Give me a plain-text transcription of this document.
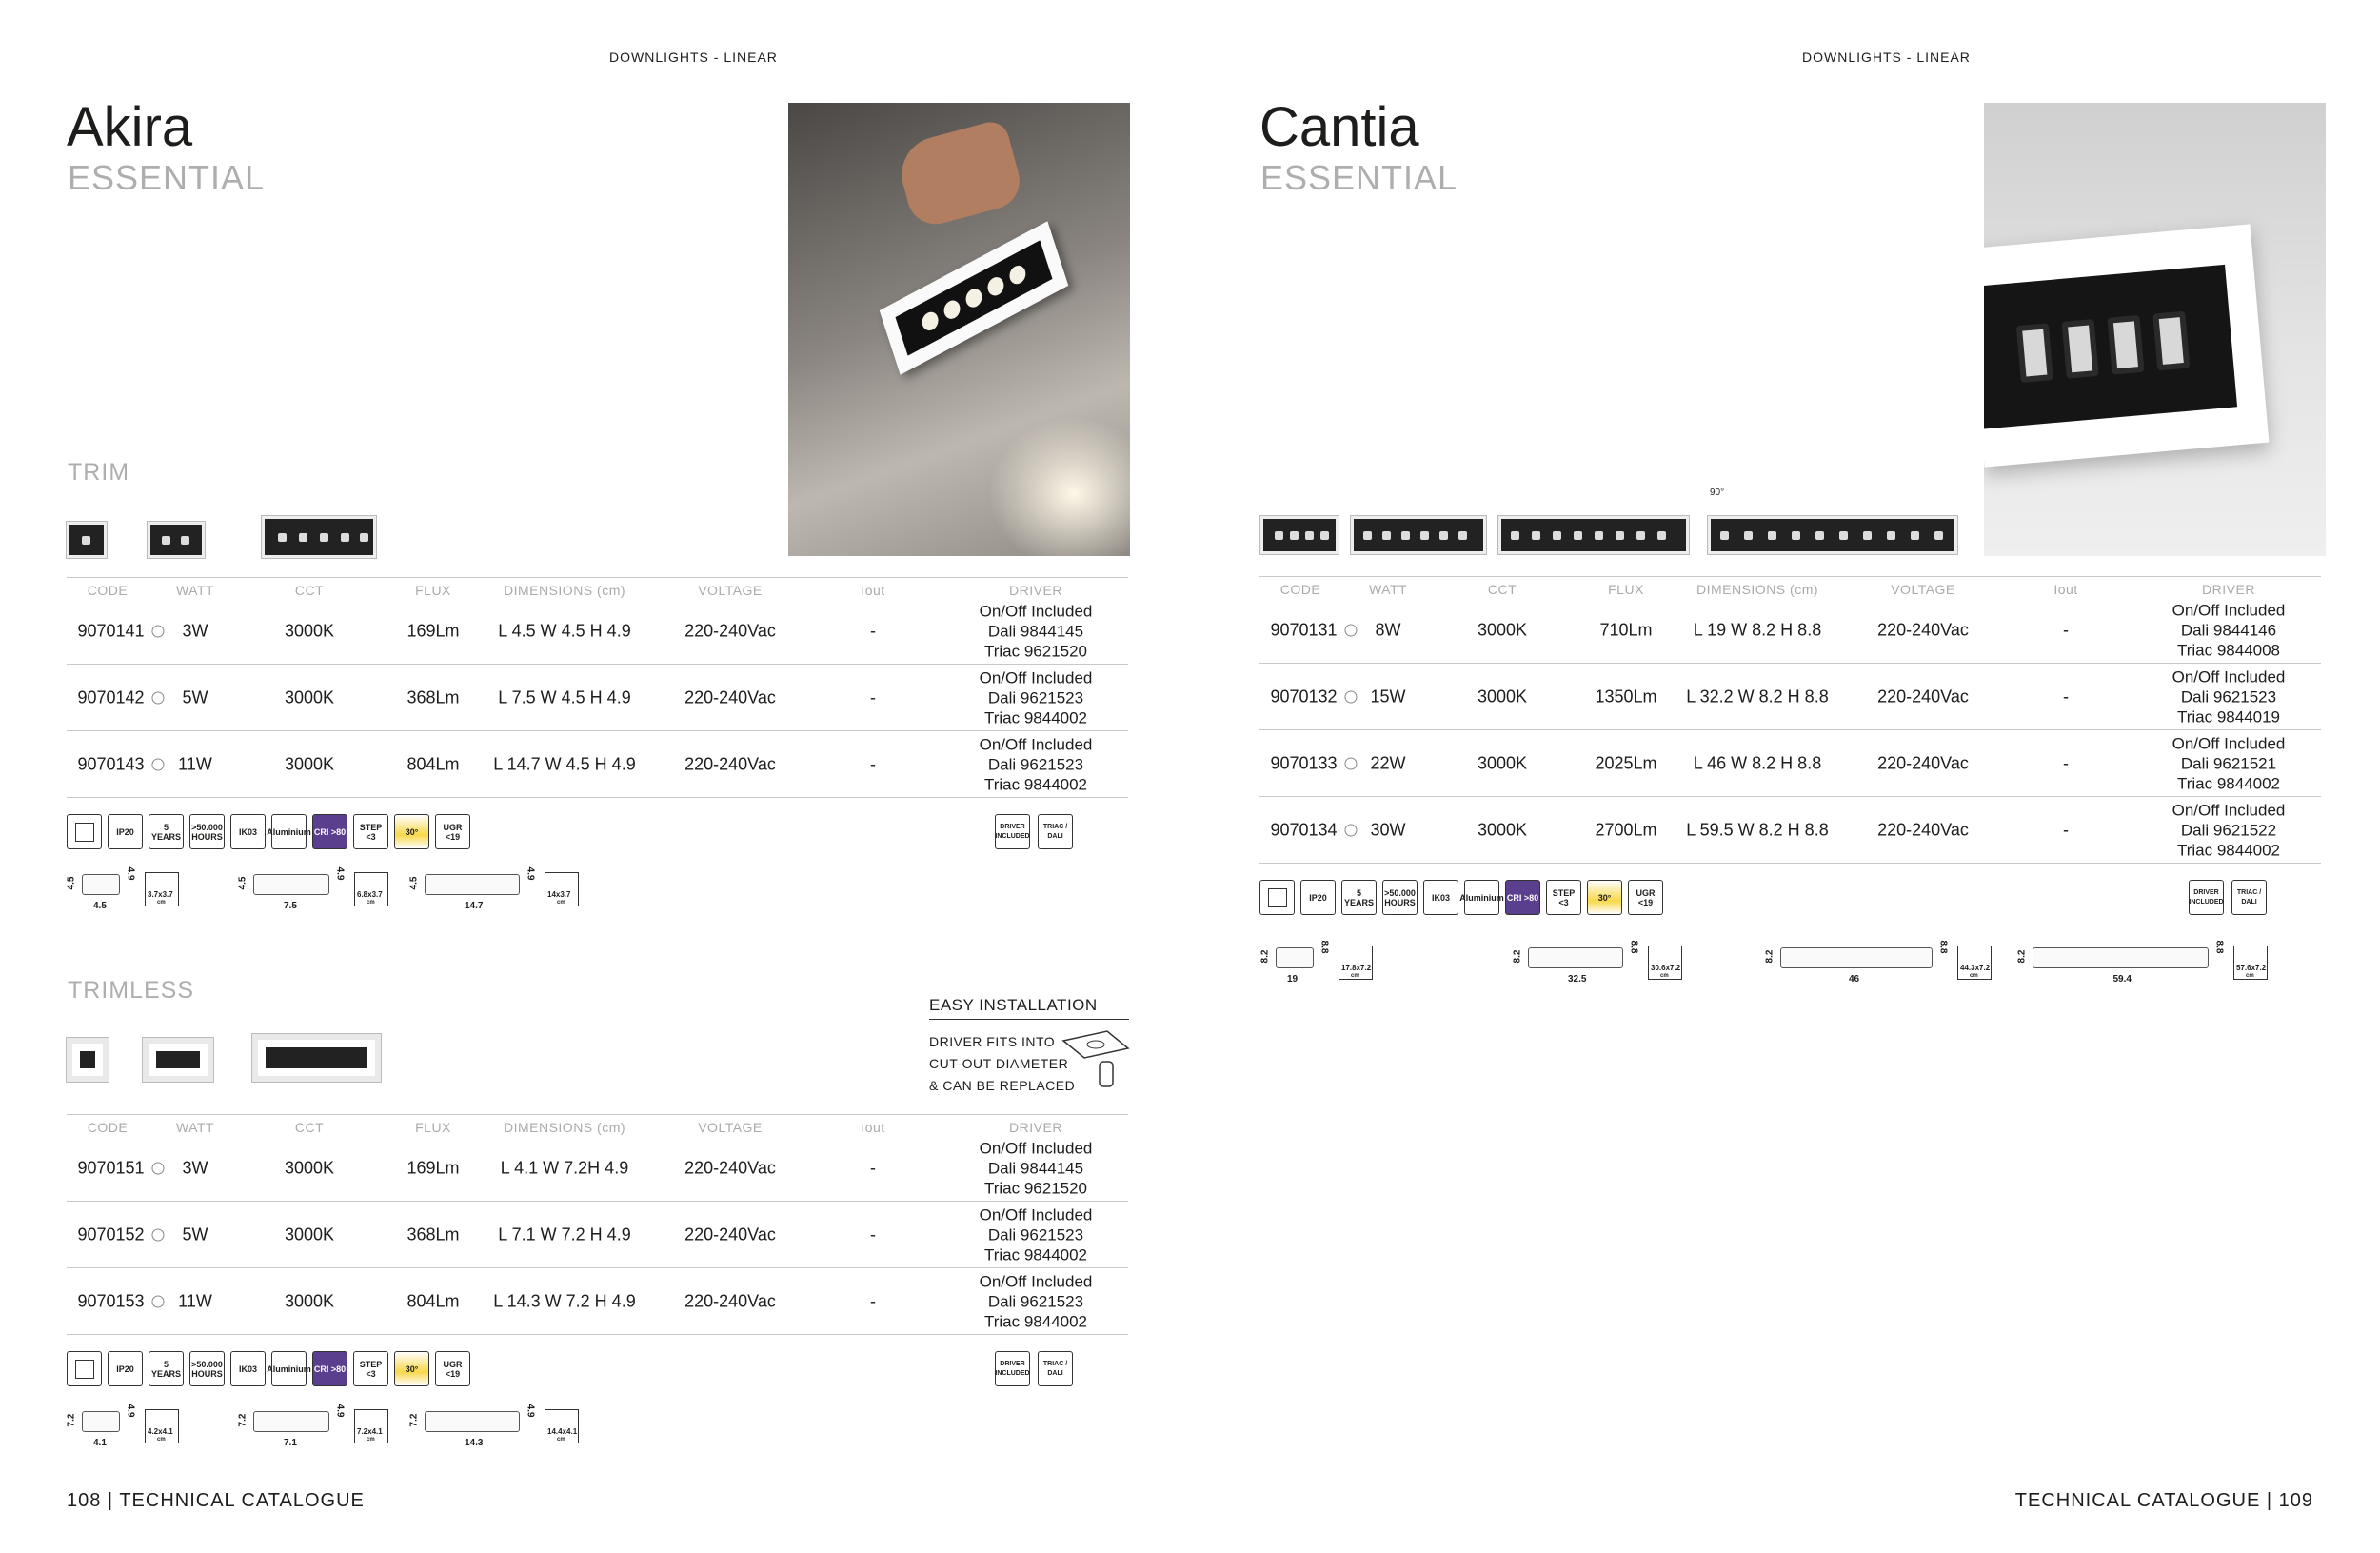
DOWNLIGHTS - LINEAR
Akira
ESSENTIAL
TRIM
CODE	WATT	CCT	FLUX	DIMENSIONS (cm)	VOLTAGE	Iout	DRIVER
9070141	3W	3000K	169Lm L 4.5 W 4.5 H 4.9	220-240Vac	-
On/Off Included
Dali 9844145
Triac 9621520
9070142	5W	3000K	368Lm L 7.5 W 4.5 H 4.9	220-240Vac	-
On/Off Included
Dali 9621523
Triac 9844002
9070143	11W	3000K	804Lm L 14.7 W 4.5 H 4.9	220-240Vac	-
On/Off Included
Dali 9621523
Triac 9844002
IP20	5 YEARS
>50.000 HOURS IK03 Aluminium CRI >80	STEP <3	30°	UGR <19
DRIVER INCLUDED
TRIAC / DALI
4.5
4.5
4.9
3.7x3.7
cm
4.5
7.5
4.9
6.8x3.7
cm
4.5
14.7
4.9
14x3.7
cm
TRIMLESS
EASY INSTALLATION
DRIVER FITS INTO
CUT-OUT DIAMETER
& CAN BE REPLACED
CODE	WATT	CCT	FLUX	DIMENSIONS (cm)	VOLTAGE	Iout	DRIVER
9070151	3W	3000K	169Lm L 4.1 W 7.2H 4.9	220-240Vac	-
On/Off Included
Dali 9844145
Triac 9621520
9070152	5W	3000K	368Lm L 7.1 W 7.2 H 4.9	220-240Vac	-
On/Off Included
Dali 9621523
Triac 9844002
9070153	11W	3000K	804Lm L 14.3 W 7.2 H 4.9	220-240Vac	-
On/Off Included
Dali 9621523
Triac 9844002
IP20	5 YEARS
>50.000 HOURS IK03 Aluminium CRI >80	STEP <3	30°	UGR <19
DRIVER INCLUDED
TRIAC / DALI
7.2
4.1
4.9
4.2x4.1
cm
7.2
7.1
4.9
7.2x4.1
cm
7.2
14.3
4.9
14.4x4.1
cm
108 | TECHNICAL CATALOGUE
DOWNLIGHTS - LINEAR
Cantia
ESSENTIAL
90°
CODE	WATT	CCT	FLUX	DIMENSIONS (cm)	VOLTAGE	Iout	DRIVER
9070131	8W	3000K	710Lm L 19 W 8.2 H 8.8	220-240Vac	-
On/Off Included
Dali 9844146
Triac 9844008
9070132	15W	3000K	1350Lm L 32.2 W 8.2 H 8.8	220-240Vac	-
On/Off Included
Dali 9621523
Triac 9844019
9070133	22W	3000K	2025Lm L 46 W 8.2 H 8.8	220-240Vac	-
On/Off Included
Dali 9621521
Triac 9844002
9070134	30W	3000K	2700Lm L 59.5 W 8.2 H 8.8	220-240Vac	-
On/Off Included
Dali 9621522
Triac 9844002
IP20	5 YEARS
>50.000 HOURS IK03 Aluminium CRI >80	STEP <3	30°	UGR <19
DRIVER INCLUDED
TRIAC / DALI
8.2
19
8.8
17.8x7.2
cm
8.2
32.5
8.8
30.6x7.2
cm
8.2
46
8.8
44.3x7.2
cm
8.2
59.4
8.8
57.6x7.2
cm
TECHNICAL CATALOGUE | 109
